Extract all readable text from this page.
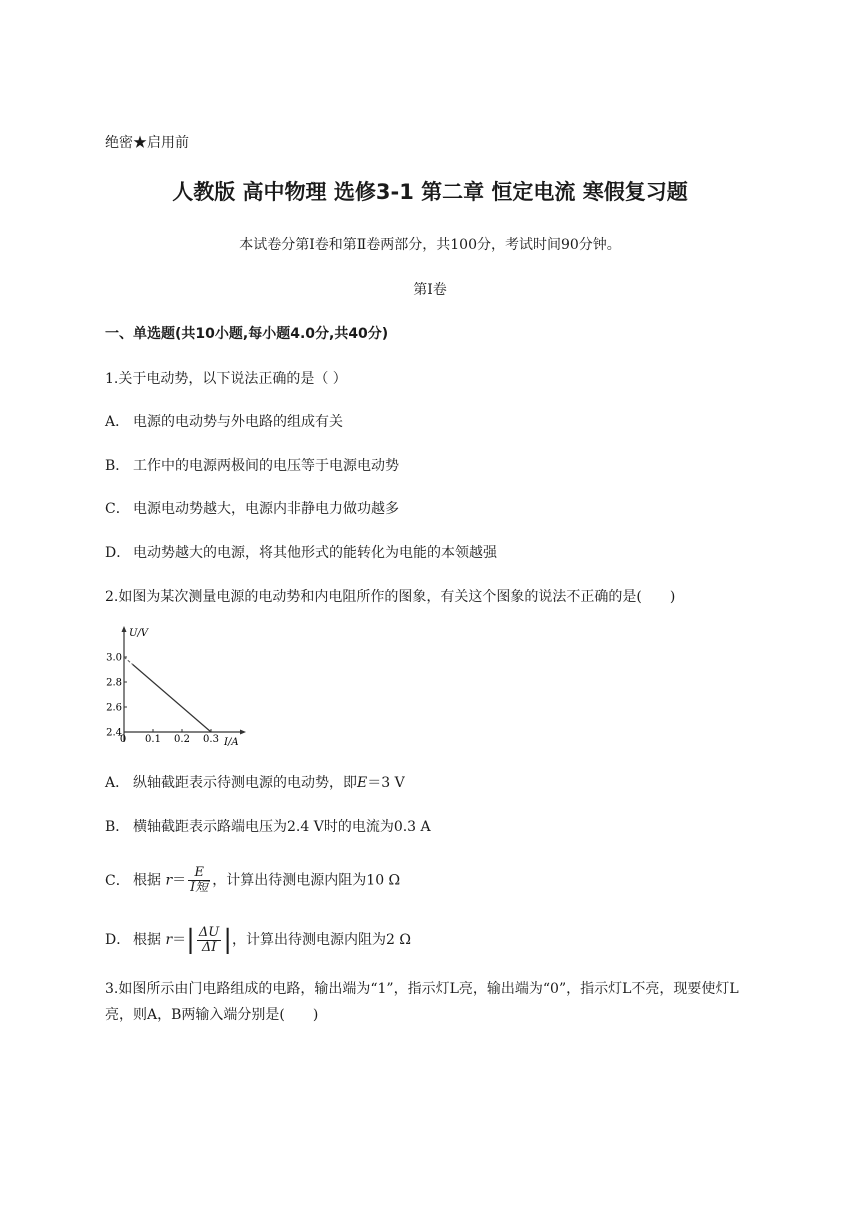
绝密★启用前
人教版 高中物理 选修3-1 第二章 恒定电流 寒假复习题
本试卷分第Ⅰ卷和第Ⅱ卷两部分，共100分，考试时间90分钟。
第Ⅰ卷
一、单选题(共10小题,每小题4.0分,共40分)
1.关于电动势，以下说法正确的是（ ）
A． 电源的电动势与外电路的组成有关
B． 工作中的电源两极间的电压等于电源电动势
C． 电源电动势越大，电源内非静电力做功越多
D． 电动势越大的电源，将其他形式的能转化为电能的本领越强
2.如图为某次测量电源的电动势和内电阻所作的图象，有关这个图象的说法不正确的是(　　)
U/V
I/A
2.4
2.6
2.8
3.0
0 0.1 0.2 0.3
A． 纵轴截距表示待测电源的电动势，即E＝3 V
B． 横轴截距表示路端电压为2.4 V时的电流为0.3 A
C． 根据 $r= \frac{E}{\text{I短}}$ ，计算出待测电源内阻为10 Ω
D． 根据 $r=| \frac{\Delta U}{\Delta I}$ |，计算出待测电源内阻为2 Ω
3.如图所示由门电路组成的电路，输出端为“1”，指示灯L亮，输出端为“0”，指示灯L不亮，现要使灯L亮，则A，B两输入端分别是(　　)
